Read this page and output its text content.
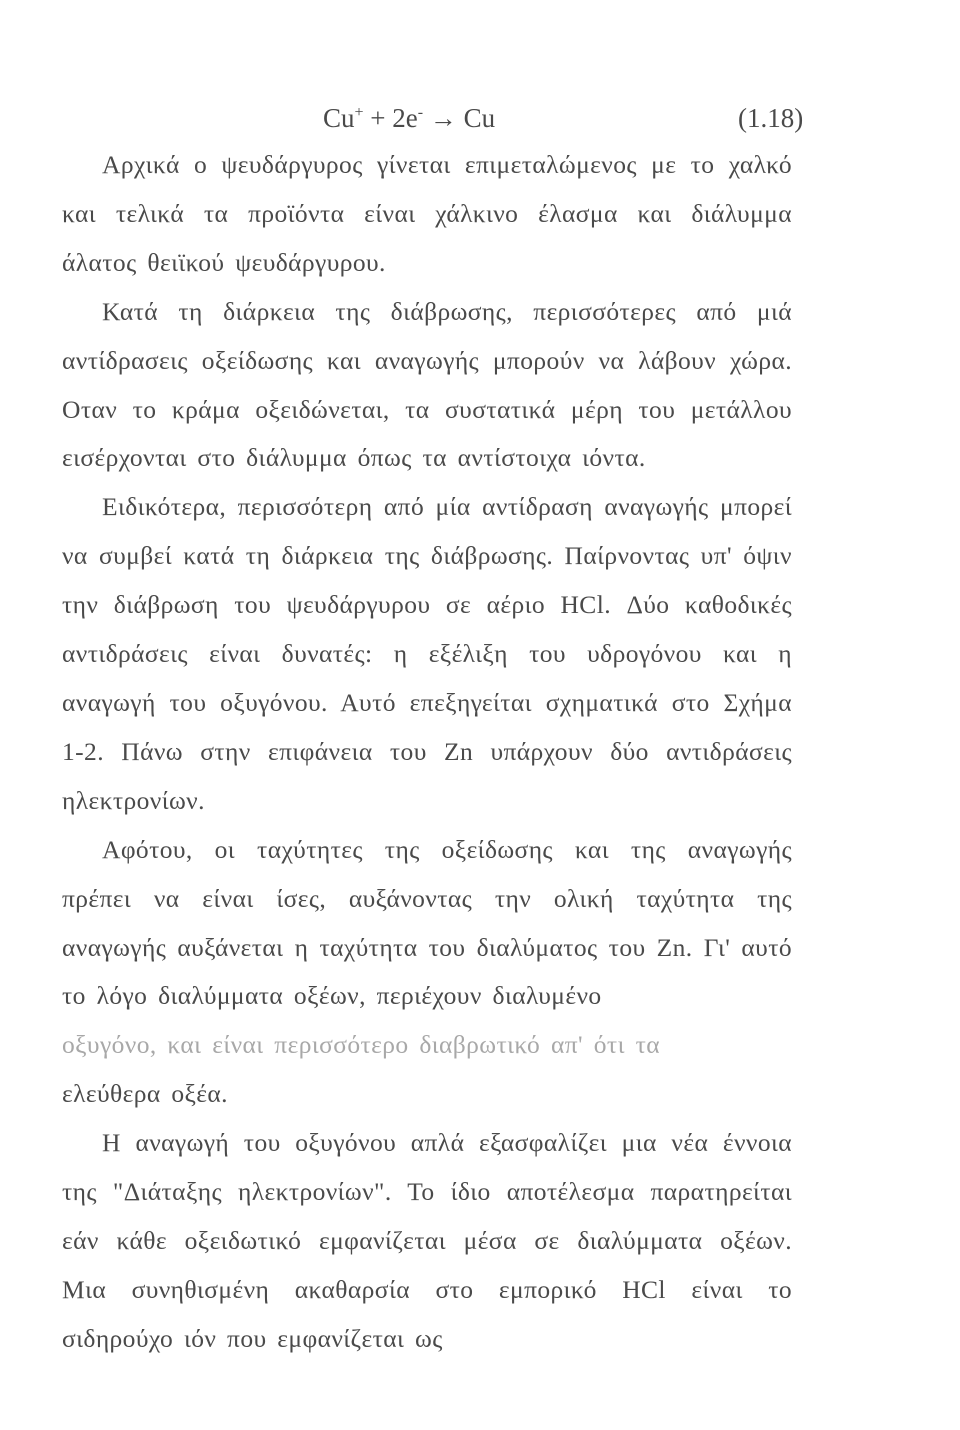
Cu+ + 2e- → Cu	(1.18)

Αρχικά ο ψευδάργυρος γίνεται επιμεταλώμενος με το χαλκό και τελικά τα προϊόντα είναι χάλκινο έλασμα και διάλυμμα άλατος θειϊκού ψευδάργυρου.

Κατά τη διάρκεια της διάβρωσης, περισσότερες από μιά αντίδρασεις οξείδωσης και αναγωγής μπορούν να λάβουν χώρα. Οταν το κράμα οξειδώνεται, τα συστατικά μέρη του μετάλλου εισέρχονται στο διάλυμμα όπως τα αντίστοιχα ιόντα.

Ειδικότερα, περισσότερη από μία αντίδραση αναγωγής μπορεί να συμβεί κατά τη διάρκεια της διάβρωσης. Παίρνοντας υπ' όψιν την διάβρωση του ψευδάργυρου σε αέριο HCl. Δύο καθοδικές αντιδράσεις είναι δυνατές: η εξέλιξη του υδρογόνου και η αναγωγή του οξυγόνου. Αυτό επεξηγείται σχηματικά στο Σχήμα 1-2. Πάνω στην επιφάνεια του Zn υπάρχουν δύο αντιδράσεις ηλεκτρονίων.

Αφότου, οι ταχύτητες της οξείδωσης και της αναγωγής πρέπει να είναι ίσες, αυξάνοντας την ολική ταχύτητα της αναγωγής αυξάνεται η ταχύτητα του διαλύματος του Zn. Γι' αυτό το λόγο διαλύμματα οξέων, περιέχουν διαλυμένο

οξυγόνο, και είναι περισσότερο διαβρωτικό απ' ότι τα

ελεύθερα οξέα.

Η αναγωγή του οξυγόνου απλά εξασφαλίζει μια νέα έννοια της "Διάταξης ηλεκτρονίων". Το ίδιο αποτέλεσμα παρατηρείται εάν κάθε οξειδωτικό εμφανίζεται μέσα σε διαλύμματα οξέων. Μια συνηθισμένη ακαθαρσία στο εμπορικό HCl είναι το σιδηρούχο ιόν που εμφανίζεται ως
